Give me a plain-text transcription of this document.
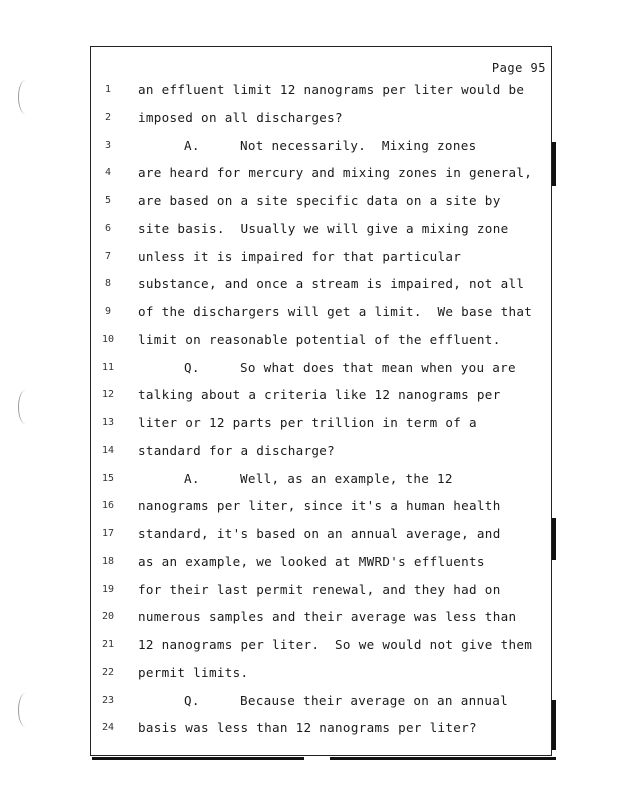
Page 95
1	an effluent limit 12 nanograms per liter would be
2	imposed on all discharges?
3	A.	Not necessarily.  Mixing zones
4	are heard for mercury and mixing zones in general,
5	are based on a site specific data on a site by
6	site basis.  Usually we will give a mixing zone
7	unless it is impaired for that particular
8	substance, and once a stream is impaired, not all
9	of the dischargers will get a limit.  We base that
10	limit on reasonable potential of the effluent.
11	Q.	So what does that mean when you are
12	talking about a criteria like 12 nanograms per
13	liter or 12 parts per trillion in term of a
14	standard for a discharge?
15	A.	Well, as an example, the 12
16	nanograms per liter, since it's a human health
17	standard, it's based on an annual average, and
18	as an example, we looked at MWRD's effluents
19	for their last permit renewal, and they had on
20	numerous samples and their average was less than
21	12 nanograms per liter.  So we would not give them
22	permit limits.
23	Q.	Because their average on an annual
24	basis was less than 12 nanograms per liter?
